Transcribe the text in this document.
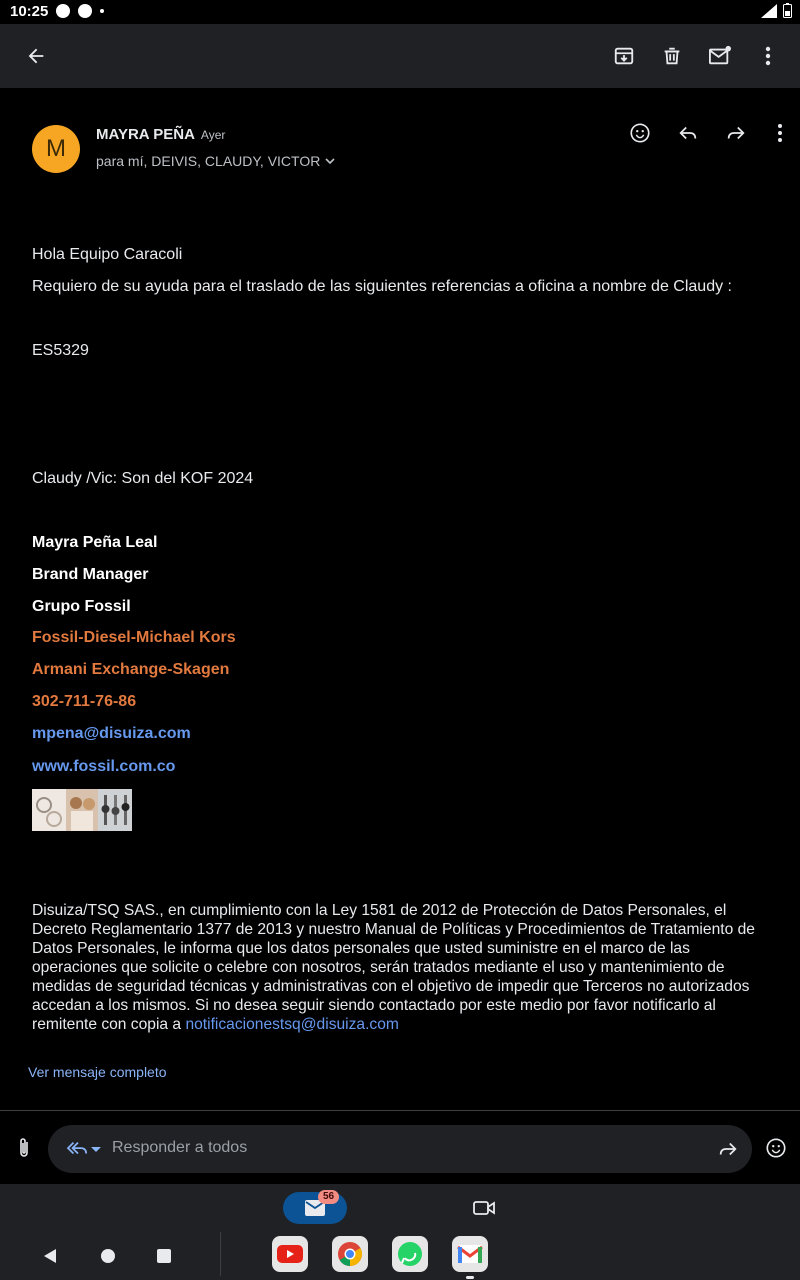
10:25
M
MAYRA PEÑA Ayer
para mí, DEIVIS, CLAUDY, VICTOR
Hola Equipo Caracoli
Requiero de su ayuda para el traslado de las siguientes referencias a oficina a nombre de Claudy :
ES5329
Claudy /Vic: Son del KOF 2024
Mayra Peña Leal
Brand Manager
Grupo Fossil
Fossil-Diesel-Michael Kors
Armani Exchange-Skagen
302-711-76-86
mpena@disuiza.com
www.fossil.com.co
Disuiza/TSQ SAS., en cumplimiento con la Ley 1581 de 2012 de Protección de Datos Personales, el Decreto Reglamentario 1377 de 2013 y nuestro Manual de Políticas y Procedimientos de Tratamiento de Datos Personales, le informa que los datos personales que usted suministre en el marco de las operaciones que solicite o celebre con nosotros, serán tratados mediante el uso y mantenimiento de medidas de seguridad técnicas y administrativas con el objetivo de impedir que Terceros no autorizados accedan a los mismos. Si no desea seguir siendo contactado por este medio por favor notificarlo al remitente con copia a notificacionestsq@disuiza.com
Ver mensaje completo
Responder a todos
56
